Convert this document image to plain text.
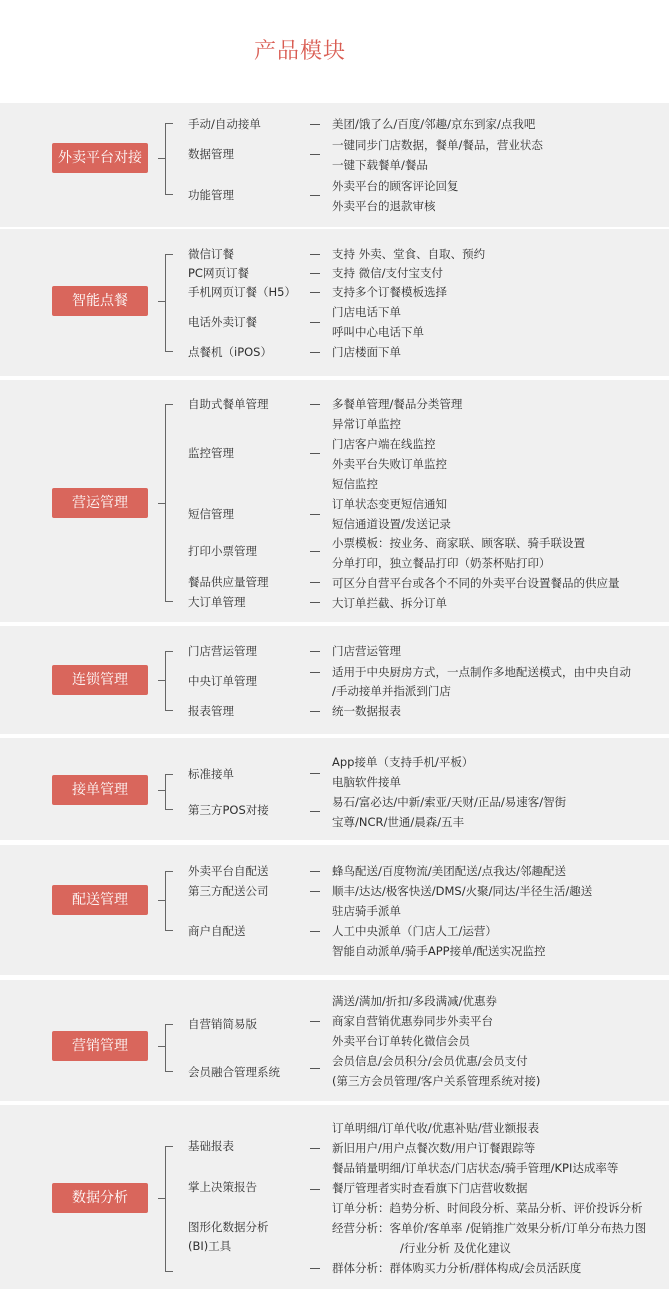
产品模块
外卖平台对接
手动/自动接单
数据管理
功能管理
美团/饿了么/百度/邻趣/京东到家/点我吧
一键同步门店数据，餐单/餐品，营业状态
一键下载餐单/餐品
外卖平台的顾客评论回复
外卖平台的退款审核
智能点餐
微信订餐
PC网页订餐
手机网页订餐（H5）
电话外卖订餐
点餐机（iPOS）
支持 外卖、堂食、自取、预约
支持 微信/支付宝支付
支持多个订餐模板选择
门店电话下单
呼叫中心电话下单
门店楼面下单
营运管理
自助式餐单管理
监控管理
短信管理
打印小票管理
餐品供应量管理
大订单管理
多餐单管理/餐品分类管理
异常订单监控
门店客户端在线监控
外卖平台失败订单监控
短信监控
订单状态变更短信通知
短信通道设置/发送记录
小票模板：按业务、商家联、顾客联、骑手联设置
分单打印，独立餐品打印（奶茶杯贴打印）
可区分自营平台或各个不同的外卖平台设置餐品的供应量
大订单拦截、拆分订单
连锁管理
门店营运管理
中央订单管理
报表管理
门店营运管理
适用于中央厨房方式，一点制作多地配送模式，由中央自动
/手动接单并指派到门店
统一数据报表
接单管理
标准接单
第三方POS对接
App接单（支持手机/平板）
电脑软件接单
易石/富必达/中新/索亚/天财/正品/易速客/智街
宝尊/NCR/世通/晨森/五丰
配送管理
外卖平台自配送
第三方配送公司
商户自配送
蜂鸟配送/百度物流/美团配送/点我达/邻趣配送
顺丰/达达/极客快送/DMS/火聚/同达/半径生活/趣送
驻店骑手派单
人工中央派单（门店人工/运营）
智能自动派单/骑手APP接单/配送实况监控
营销管理
自营销简易版
会员融合管理系统
满送/满加/折扣/多段满减/优惠券
商家自营销优惠券同步外卖平台
外卖平台订单转化微信会员
会员信息/会员积分/会员优惠/会员支付
(第三方会员管理/客户关系管理系统对接)
数据分析
基础报表
掌上决策报告
图形化数据分析
(BI)工具
订单明细/订单代收/优惠补贴/营业额报表
新旧用户/用户点餐次数/用户订餐跟踪等
餐品销量明细/订单状态/门店状态/骑手管理/KPI达成率等
餐厅管理者实时查看旗下门店营收数据
订单分析：趋势分析、时间段分析、菜品分析、评价投诉分析
经营分析：客单价/客单率 /促销推广效果分析/订单分布热力图
/行业分析 及优化建议
群体分析：群体购买力分析/群体构成/会员活跃度
